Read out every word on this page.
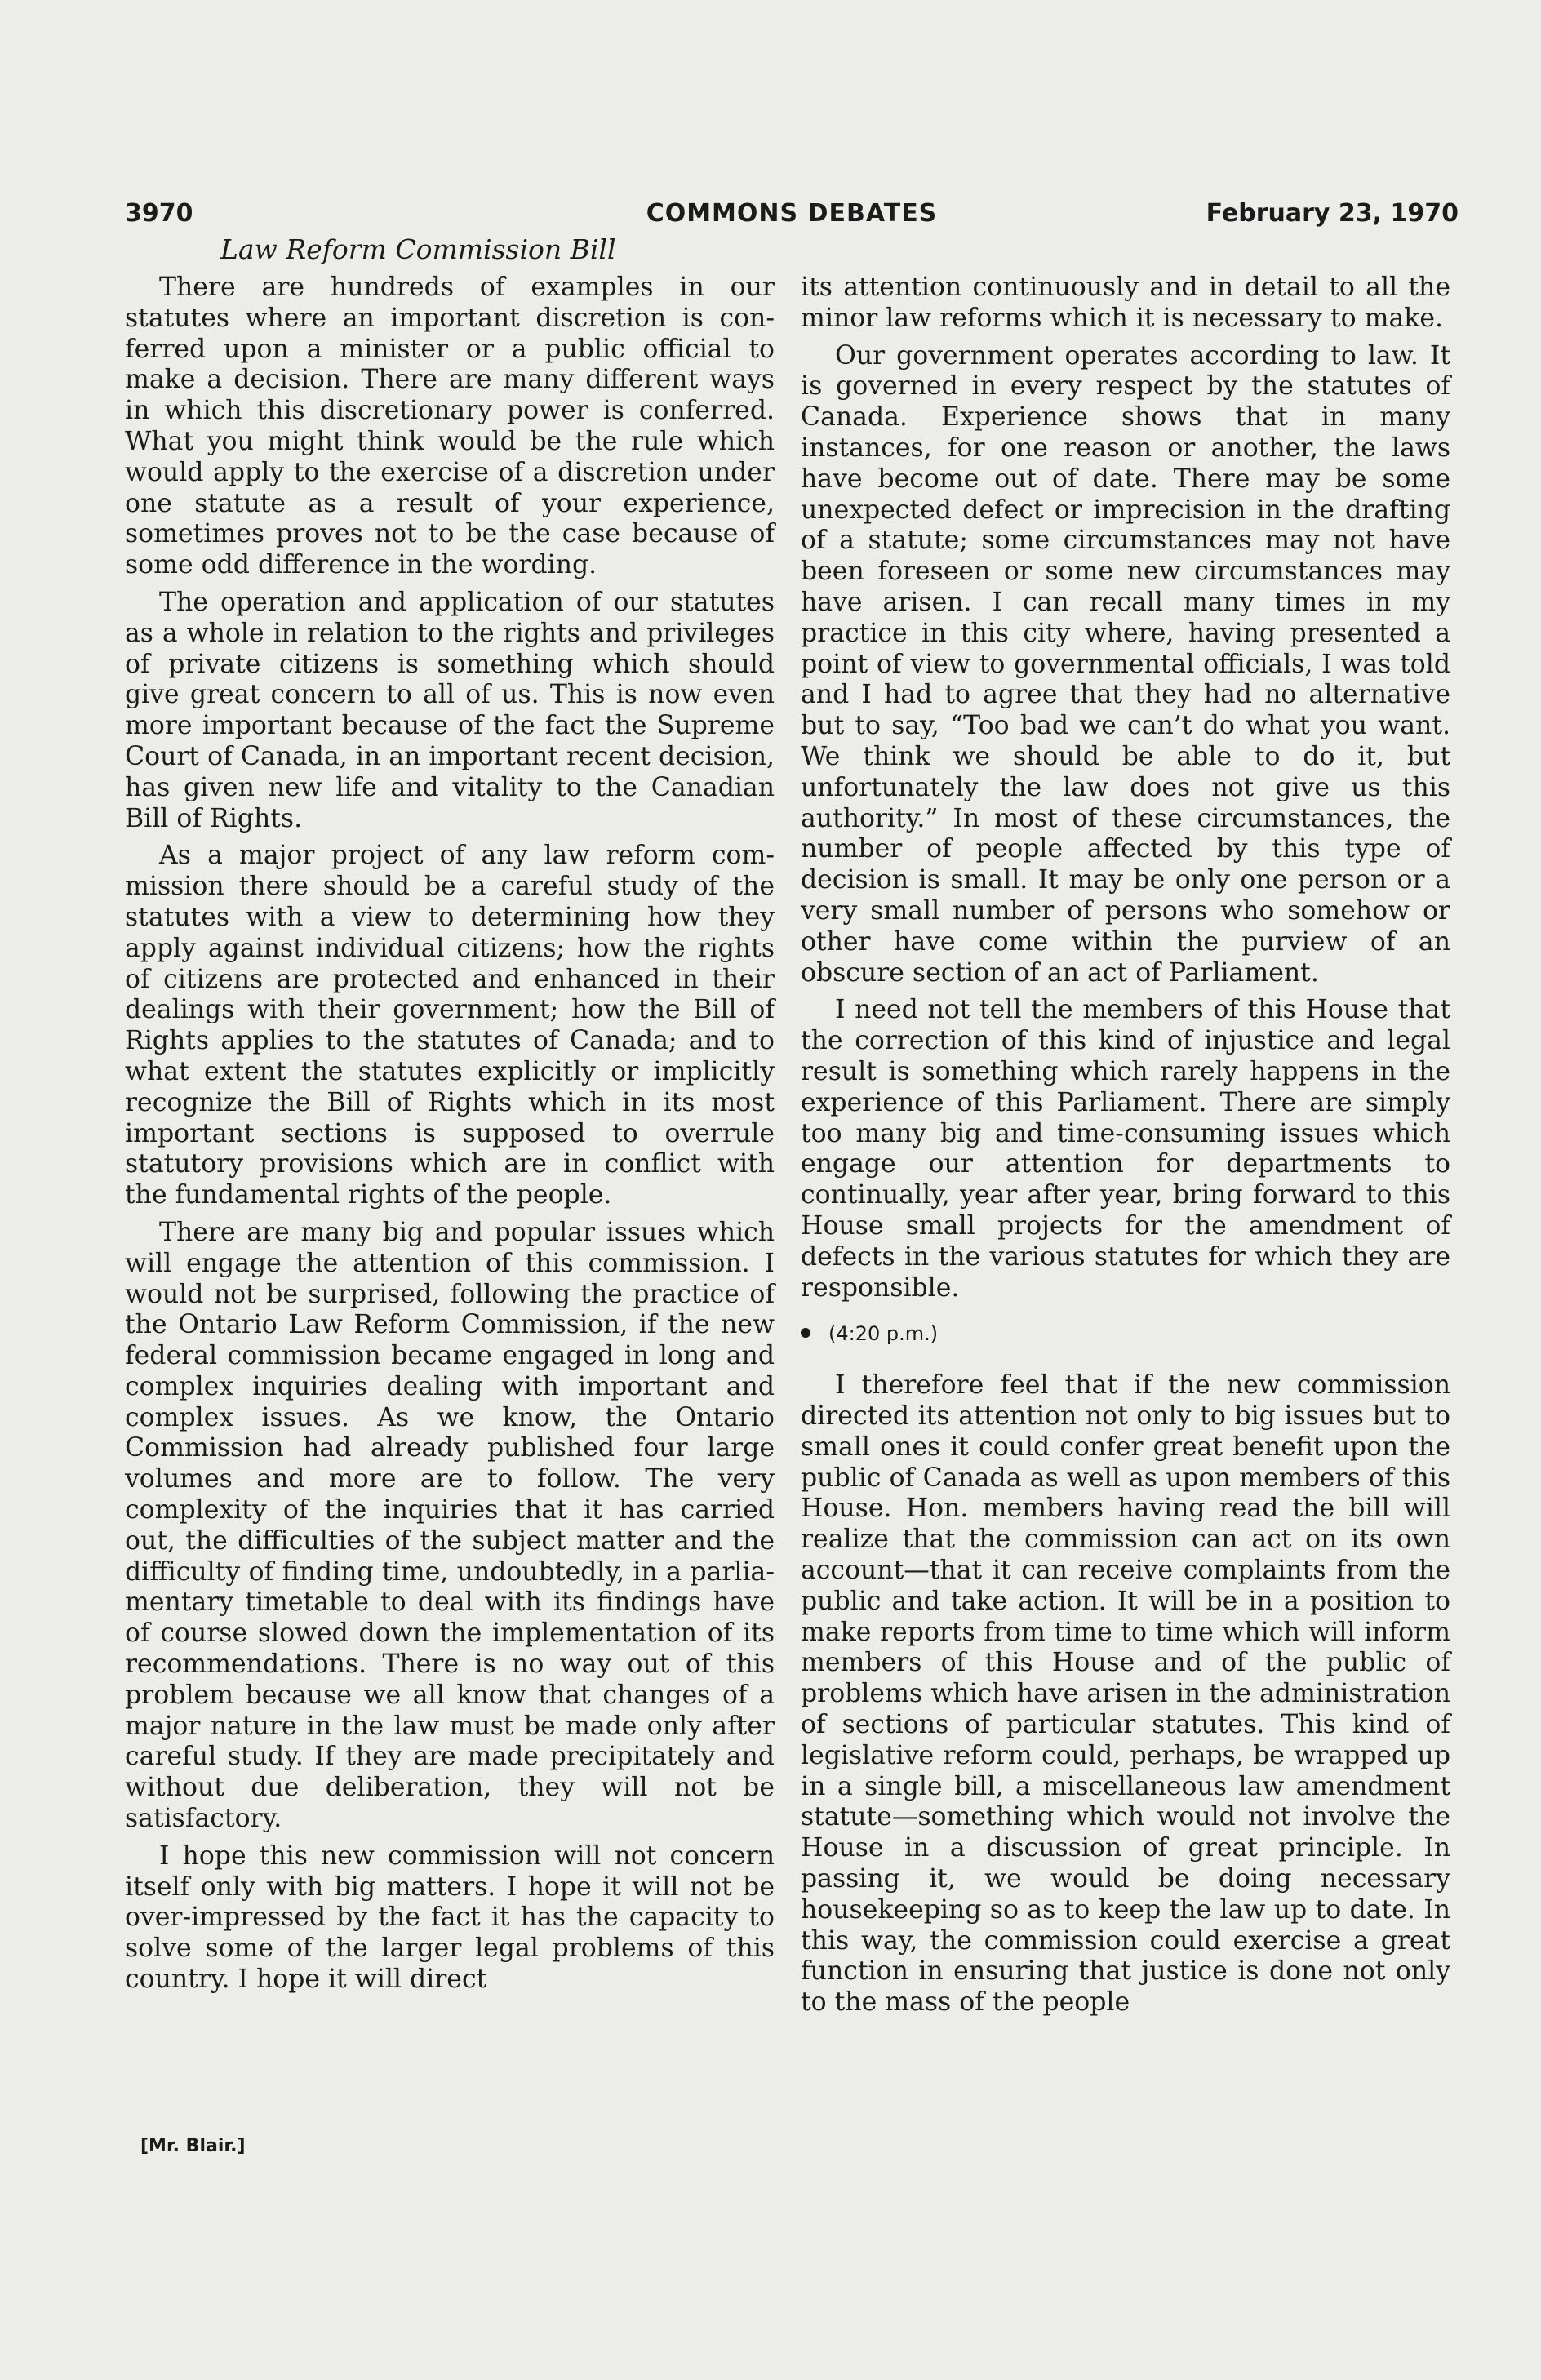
3970	COMMONS DEBATES	February 23, 1970
Law Reform Commission Bill

There are hundreds of examples in our statutes where an important discretion is conferred upon a minister or a public official to make a decision. There are many different ways in which this discretionary power is conferred. What you might think would be the rule which would apply to the exercise of a discretion under one statute as a result of your experience, sometimes proves not to be the case because of some odd difference in the wording.

The operation and application of our statutes as a whole in relation to the rights and privileges of private citizens is something which should give great concern to all of us. This is now even more important because of the fact the Supreme Court of Canada, in an important recent decision, has given new life and vitality to the Canadian Bill of Rights.

As a major project of any law reform commission there should be a careful study of the statutes with a view to determining how they apply against individual citizens; how the rights of citizens are protected and enhanced in their dealings with their government; how the Bill of Rights applies to the statutes of Canada; and to what extent the statutes explicitly or implicitly recognize the Bill of Rights which in its most important sections is supposed to overrule statutory provisions which are in conflict with the fundamental rights of the people.

There are many big and popular issues which will engage the attention of this commission. I would not be surprised, following the practice of the Ontario Law Reform Commission, if the new federal commission became engaged in long and complex inquiries dealing with important and complex issues. As we know, the Ontario Commission had already published four large volumes and more are to follow. The very complexity of the inquiries that it has carried out, the difficulties of the subject matter and the difficulty of finding time, undoubtedly, in a parliamentary timetable to deal with its findings have of course slowed down the implementation of its recommendations. There is no way out of this problem because we all know that changes of a major nature in the law must be made only after careful study. If they are made precipitately and without due deliberation, they will not be satisfactory.

I hope this new commission will not concern itself only with big matters. I hope it will not be over-impressed by the fact it has the capacity to solve some of the larger legal problems of this country. I hope it will direct

its attention continuously and in detail to all the minor law reforms which it is necessary to make.

Our government operates according to law. It is governed in every respect by the statutes of Canada. Experience shows that in many instances, for one reason or another, the laws have become out of date. There may be some unexpected defect or imprecision in the drafting of a statute; some circumstances may not have been foreseen or some new circumstances may have arisen. I can recall many times in my practice in this city where, having presented a point of view to governmental officials, I was told and I had to agree that they had no alternative but to say, “Too bad we can’t do what you want. We think we should be able to do it, but unfortunately the law does not give us this authority.” In most of these circumstances, the number of people affected by this type of decision is small. It may be only one person or a very small number of persons who somehow or other have come within the purview of an obscure section of an act of Parliament.

I need not tell the members of this House that the correction of this kind of injustice and legal result is something which rarely happens in the experience of this Parliament. There are simply too many big and time-consuming issues which engage our attention for departments to continually, year after year, bring forward to this House small projects for the amendment of defects in the various statutes for which they are responsible.

(4:20 p.m.)

I therefore feel that if the new commission directed its attention not only to big issues but to small ones it could confer great benefit upon the public of Canada as well as upon members of this House. Hon. members having read the bill will realize that the commission can act on its own account—that it can receive complaints from the public and take action. It will be in a position to make reports from time to time which will inform members of this House and of the public of problems which have arisen in the administration of sections of particular statutes. This kind of legislative reform could, perhaps, be wrapped up in a single bill, a miscellaneous law amendment statute—something which would not involve the House in a discussion of great principle. In passing it, we would be doing necessary housekeeping so as to keep the law up to date. In this way, the commission could exercise a great function in ensuring that justice is done not only to the mass of the people

[Mr. Blair.]
